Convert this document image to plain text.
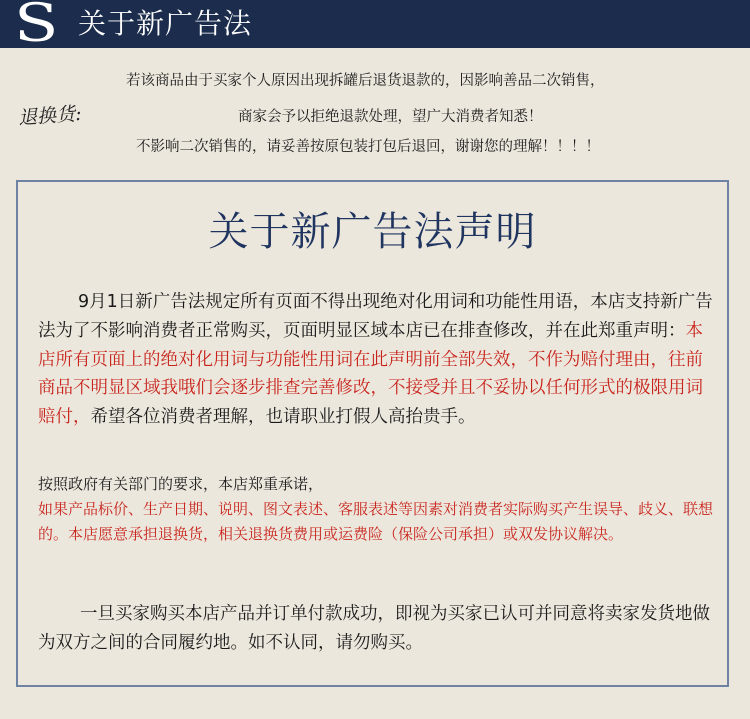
S 关于新广告法
退换货:
若该商品由于买家个人原因出现拆罐后退货退款的，因影响善品二次销售，
商家会予以拒绝退款处理，望广大消费者知悉！
不影响二次销售的，请妥善按原包装打包后退回，谢谢您的理解！！！！
关于新广告法声明
9月1日新广告法规定所有页面不得出现绝对化用词和功能性用语，本店支持新广告法为了不影响消费者正常购买，页面明显区域本店已在排查修改，并在此郑重声明：本店所有页面上的绝对化用词与功能性用词在此声明前全部失效，不作为赔付理由，往前商品不明显区域我哦们会逐步排查完善修改，不接受并且不妥协以任何形式的极限用词赔付，希望各位消费者理解，也请职业打假人高抬贵手。
按照政府有关部门的要求，本店郑重承诺，
如果产品标价、生产日期、说明、图文表述、客服表述等因素对消费者实际购买产生误导、歧义、联想的。本店愿意承担退换货，相关退换货费用或运费险（保险公司承担）或双发协议解决。
一旦买家购买本店产品并订单付款成功，即视为买家已认可并同意将卖家发货地做为双方之间的合同履约地。如不认同，请勿购买。
